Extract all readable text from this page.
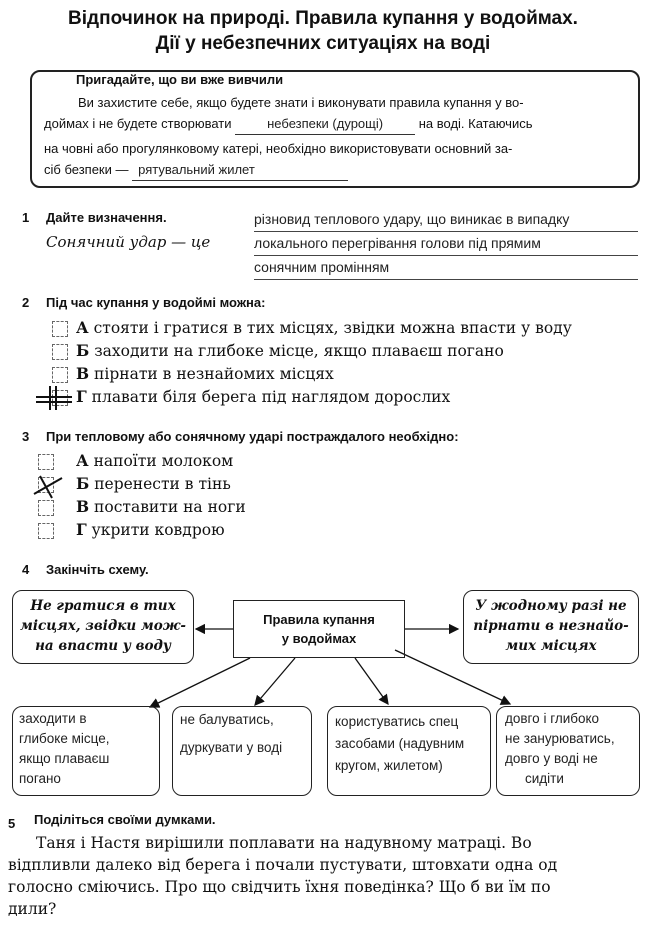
Відпочинок на природі. Правила купання у водоймах.
Дії у небезпечних ситуаціях на воді
Пригадайте, що ви вже вивчили
Ви захистите себе, якщо будете знати і виконувати правила купання у во-
доймах і не будете створювати	небезпеки (дурощі)	на воді. Катаючись
на човні або прогулянковому катері, необхідно використовувати основний за-
сіб безпеки — рятувальний жилет
1 Дайте визначення.
Сонячний удар — це
різновид теплового удару, що виникає в випадку
локального перегрівання голови під прямим
сонячним промінням
2 Під час купання у водоймі можна:
А стояти і гратися в тих місцях, звідки можна впасти у воду
Б заходити на глибоке місце, якщо плаваєш погано
В пірнати в незнайомих місцях
Г плавати біля берега під наглядом дорослих
3 При тепловому або сонячному ударі постраждалого необхідно:
А напоїти молоком
Б перенести в тінь
В поставити на ноги
Г укрити ковдрою
4 Закінчіть схему.
Правила купання
у водоймах
Не гратися в тих
місцях, звідки мож-
на впасти у воду
У жодному разі не
пірнати в незнайо-
мих місцях
заходити в
глибоке місце,
якщо плаваєш
погано
не балуватись,
дуркувати у воді
користуватись спец
засобами (надувним
кругом, жилетом)
довго і глибоко
не занурюватись,
довго у воді не
сидіти
5 Поділіться своїми думками.
Таня і Настя вирішили поплавати на надувному матраці. Во
відпливли далеко від берега і почали пустувати, штовхати одна од
голосно сміючись. Про що свідчить їхня поведінка? Що б ви їм по
дили?
